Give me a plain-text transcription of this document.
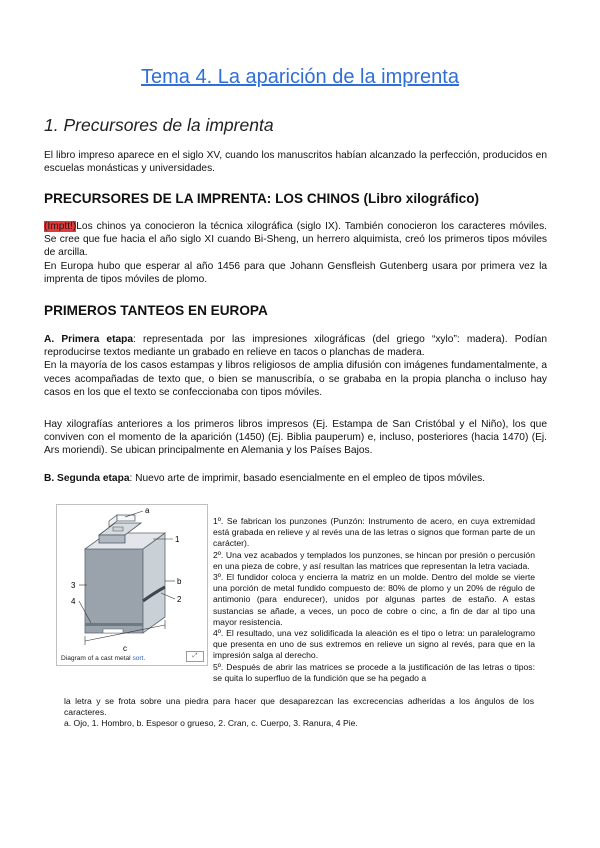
Tema 4. La aparición de la imprenta
1. Precursores de la imprenta

El libro impreso aparece en el siglo XV, cuando los manuscritos habían alcanzado la perfección, producidos en escuelas monásticas y universidades.

PRECURSORES DE LA IMPRENTA: LOS CHINOS (Libro xilográfico)

(Imptt!)Los chinos ya conocieron la técnica xilográfica (siglo IX). También conocieron los caracteres móviles. Se cree que fue hacia el año siglo XI cuando Bi-Sheng, un herrero alquimista, creó los primeros tipos móviles de arcilla.
En Europa hubo que esperar al año 1456 para que Johann Gensfleish Gutenberg usara por primera vez la imprenta de tipos móviles de plomo.

PRIMEROS TANTEOS EN EUROPA

A. Primera etapa: representada por las impresiones xilográficas (del griego “xylo”: madera). Podían reproducirse textos mediante un grabado en relieve en tacos o planchas de madera.
En la mayoría de los casos estampas y libros religiosos de amplia difusión con imágenes fundamentalmente, a veces acompañadas de texto que, o bien se manuscribía, o se grababa en la propia plancha o incluso hay casos en los que el texto se confeccionaba con tipos móviles.

Hay xilografías anteriores a los primeros libros impresos (Ej. Estampa de San Cristóbal y el Niño), los que conviven con el momento de la aparición (1450) (Ej. Biblia pauperum) e, incluso, posteriores (hacia 1470) (Ej. Ars moriendi). Se ubican principalmente en Alemania y los Países Bajos.

B. Segunda etapa: Nuevo arte de imprimir, basado esencialmente en el empleo de tipos móviles.

a
1
3
4
b
2
c
Diagram of a cast metal sort.	⤢

1º. Se fabrican los punzones (Punzón: Instrumento de acero, en cuya extremidad está grabada en relieve y al revés una de las letras o signos que forman parte de un carácter).
2º. Una vez acabados y templados los punzones, se hincan por presión o percusión en una pieza de cobre, y así resultan las matrices que representan la letra vaciada.
3º. El fundidor coloca y encierra la matriz en un molde. Dentro del molde se vierte una porción de metal fundido compuesto de: 80% de plomo y un 20% de régulo de antimonio (para endurecer), unidos por algunas partes de estaño. A estas sustancias se añade, a veces, un poco de cobre o cinc, a fin de dar al tipo una mayor resistencia.
4º. El resultado, una vez solidificada la aleación es el tipo o letra: un paralelogramo que presenta en uno de sus extremos en relieve un signo al revés, para que en la impresión salga al derecho.
5º. Después de abrir las matrices se procede a la justificación de las letras o tipos: se quita lo superfluo de la fundición que se ha pegado a

la letra y se frota sobre una piedra para hacer que desaparezcan las excrecencias adheridas a los ángulos de los caracteres.
a. Ojo, 1. Hombro, b. Espesor o grueso, 2. Cran, c. Cuerpo, 3. Ranura, 4 Pie.
